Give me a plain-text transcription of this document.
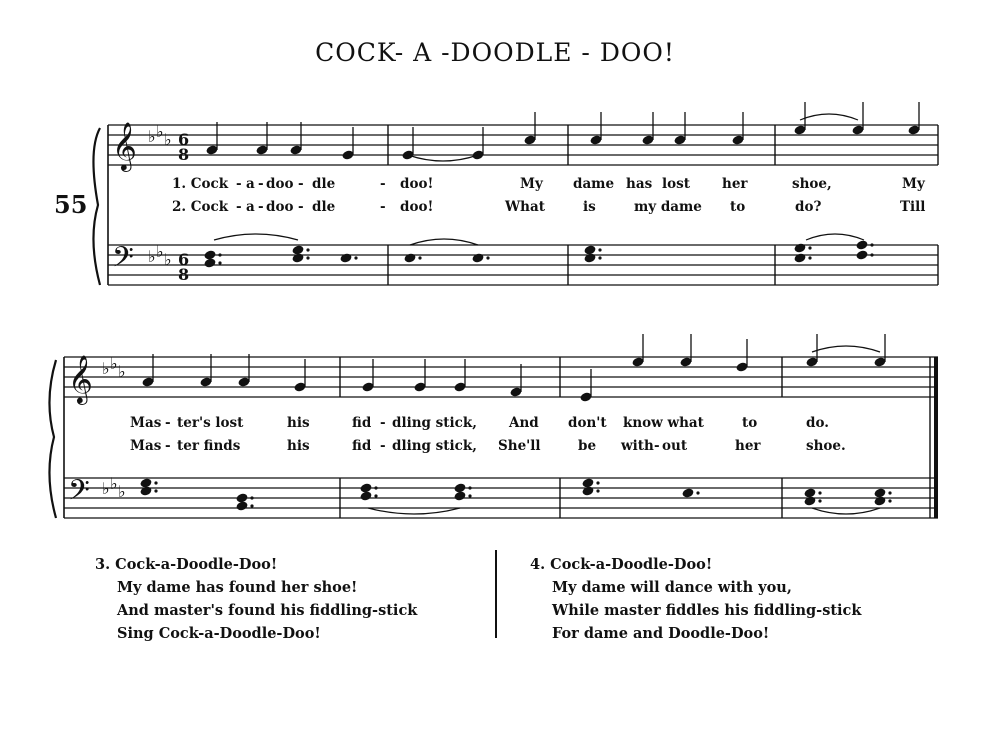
COCK- A -DOODLE - DOO!
55
𝄞
𝄢
♭ ♭ ♭
♭ ♭ ♭
6
8
6
8
𝄞
𝄢
♭ ♭ ♭
♭ ♭ ♭
1. Cock - a - doo - dle	- doo!	My dame has lost her	shoe,	My
2. Cock - a - doo - dle	- doo!	What	is	my dame to	do?	Till
Mas - ter's lost	his	fid - dling stick, And don't know what	to	do.
Mas - ter finds	his	fid - dling stick, She'll	be with - out	her	shoe.
3. Cock-a-Doodle-Doo!
My dame has found her shoe!
And master's found his fiddling-stick
Sing Cock-a-Doodle-Doo!
4. Cock-a-Doodle-Doo!
My dame will dance with you,
While master fiddles his fiddling-stick
For dame and Doodle-Doo!
